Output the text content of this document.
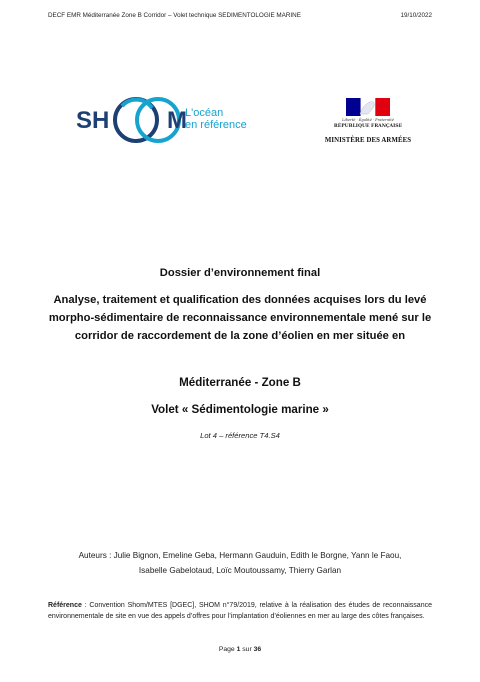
DECF EMR Méditerranée Zone B Corridor – Volet technique SEDIMENTOLOGIE MARINE	19/10/2022
SH M
L'océan
en référence	Liberté · Égalité · Fraternité
RÉPUBLIQUE FRANÇAISE
MINISTÈRE DES ARMÉES
Dossier d’environnement final
Analyse, traitement et qualification des données acquises lors du levé morpho-sédimentaire de reconnaissance environnementale mené sur le corridor de raccordement de la zone d’éolien en mer située en
Méditerranée - Zone B
Volet « Sédimentologie marine »
Lot 4 – référence T4.S4
Auteurs : Julie Bignon, Emeline Geba, Hermann Gauduin, Edith le Borgne, Yann le Faou,
Isabelle Gabelotaud, Loïc Moutoussamy, Thierry Garlan
Référence : Convention Shom/MTES [DGEC], SHOM n°79/2019, relative à la réalisation des études de reconnaissance environnementale de site en vue des appels d’offres pour l’implantation d’éoliennes en mer au large des côtes françaises.
Page 1 sur 36
